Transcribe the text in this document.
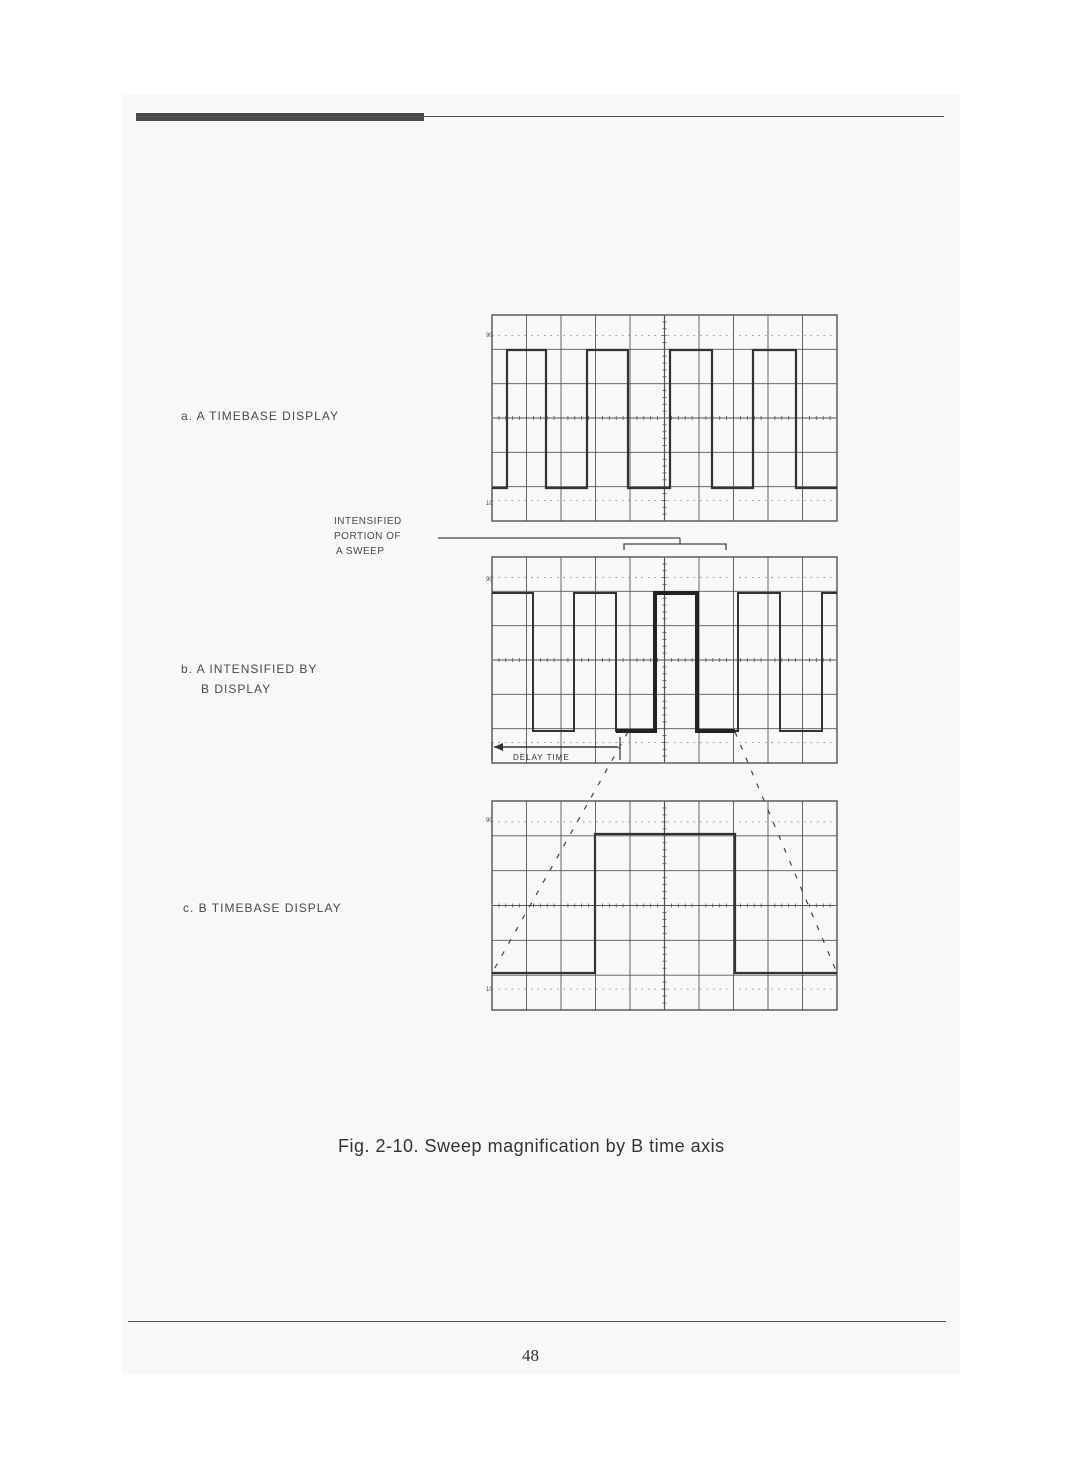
a. A TIMEBASE DISPLAY
INTENSIFIED
PORTION OF
A SWEEP
b. A INTENSIFIED BY
B DISPLAY
c. B TIMEBASE DISPLAY
DELAY TIME
90
10
90
90
10
Fig. 2-10. Sweep magnification by B time axis
48
